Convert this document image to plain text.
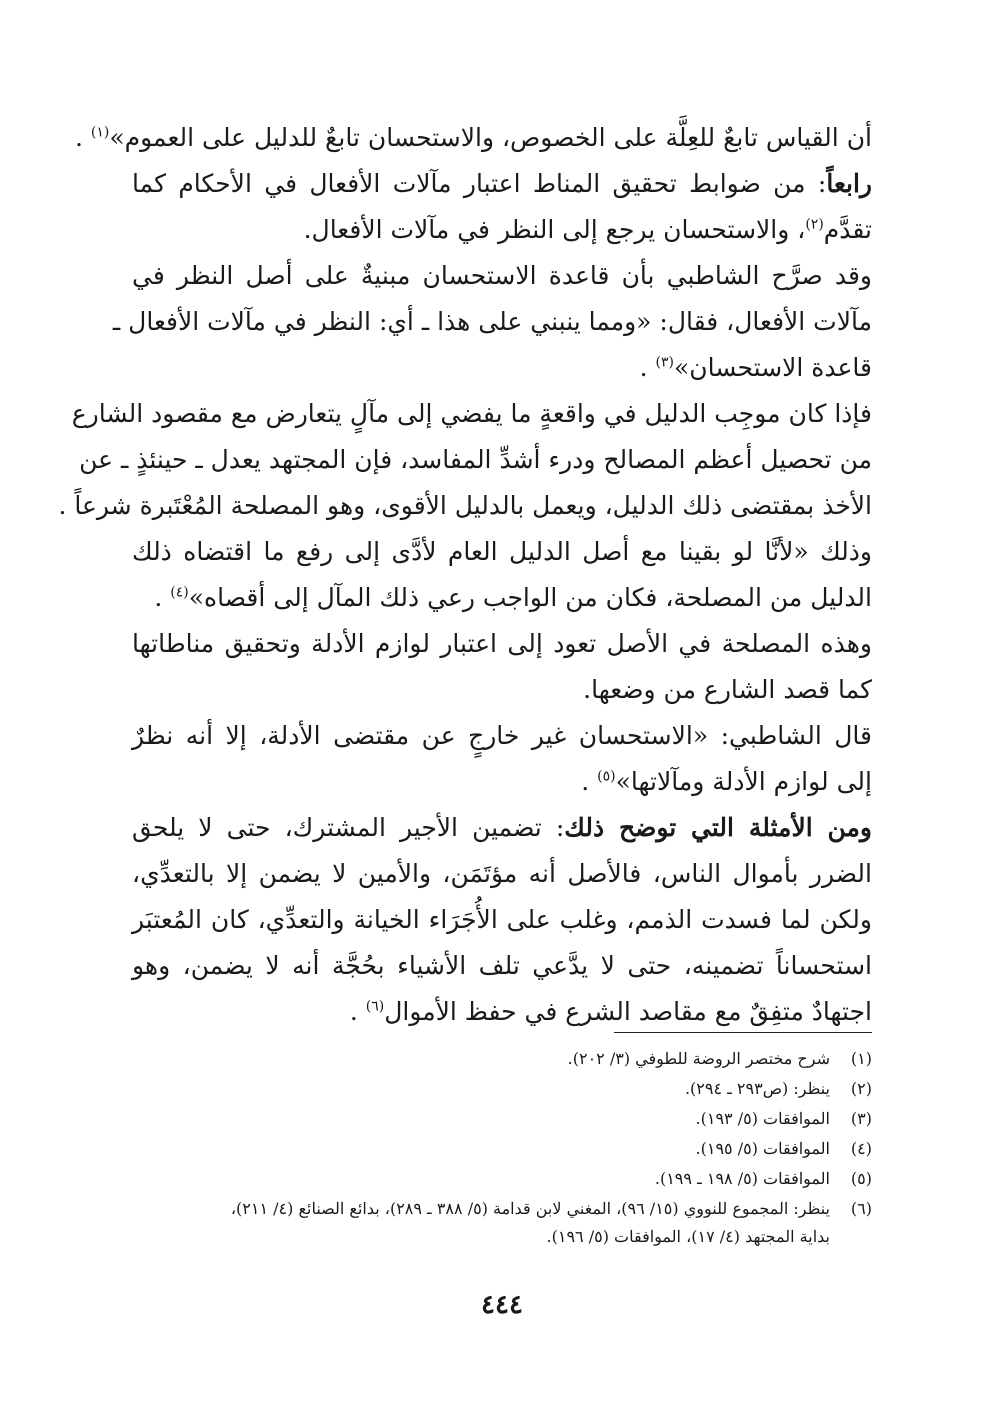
أن القياس تابعٌ للعِلَّة على الخصوص، والاستحسان تابعٌ للدليل على العموم»$^{(١)}$ .
رابعاً: من ضوابط تحقيق المناط اعتبار مآلات الأفعال في الأحكام كما
تقدَّم$^{(٢)}$، والاستحسان يرجع إلى النظر في مآلات الأفعال.
وقد صرَّح الشاطبي بأن قاعدة الاستحسان مبنيةٌ على أصل النظر في
مآلات الأفعال، فقال: «ومما ينبني على هذا ـ أي: النظر في مآلات الأفعال ـ
قاعدة الاستحسان»$^{(٣)}$ .
فإذا كان موجِب الدليل في واقعةٍ ما يفضي إلى مآلٍ يتعارض مع مقصود الشارع
من تحصيل أعظم المصالح ودرء أشدِّ المفاسد، فإن المجتهد يعدل ـ حينئذٍ ـ عن
الأخذ بمقتضى ذلك الدليل، ويعمل بالدليل الأقوى، وهو المصلحة المُعْتَبرة شرعاً .
وذلك «لأنَّا لو بقينا مع أصل الدليل العام لأدَّى إلى رفع ما اقتضاه ذلك
الدليل من المصلحة، فكان من الواجب رعي ذلك المآل إلى أقصاه»$^{(٤)}$ .
وهذه المصلحة في الأصل تعود إلى اعتبار لوازم الأدلة وتحقيق مناطاتها
كما قصد الشارع من وضعها.
قال الشاطبي: «الاستحسان غير خارجٍ عن مقتضى الأدلة، إلا أنه نظرٌ
إلى لوازم الأدلة ومآلاتها»$^{(٥)}$ .
ومن الأمثلة التي توضح ذلك: تضمين الأجير المشترك، حتى لا يلحق
الضرر بأموال الناس، فالأصل أنه مؤتَمَن، والأمين لا يضمن إلا بالتعدِّي،
ولكن لما فسدت الذمم، وغلب على الأُجَرَاء الخيانة والتعدِّي، كان المُعتبَر
استحساناً تضمينه، حتى لا يدَّعي تلف الأشياء بحُجَّة أنه لا يضمن، وهو
اجتهادٌ متفِقٌ مع مقاصد الشرع في حفظ الأموال$^{(٦)}$ .
(١)شرح مختصر الروضة للطوفي (٣/ ٢٠٢).
(٢)ينظر: (ص٢٩٣ ـ ٢٩٤).
(٣)الموافقات (٥/ ١٩٣).
(٤)الموافقات (٥/ ١٩٥).
(٥)الموافقات (٥/ ١٩٨ ـ ١٩٩).
(٦)ينظر: المجموع للنووي (١٥/ ٩٦)، المغني لابن قدامة (٥/ ٣٨٨ ـ ٢٨٩)، بدائع الصنائع (٤/ ٢١١)،
بداية المجتهد (٤/ ١٧)، الموافقات (٥/ ١٩٦).
٤٤٤
